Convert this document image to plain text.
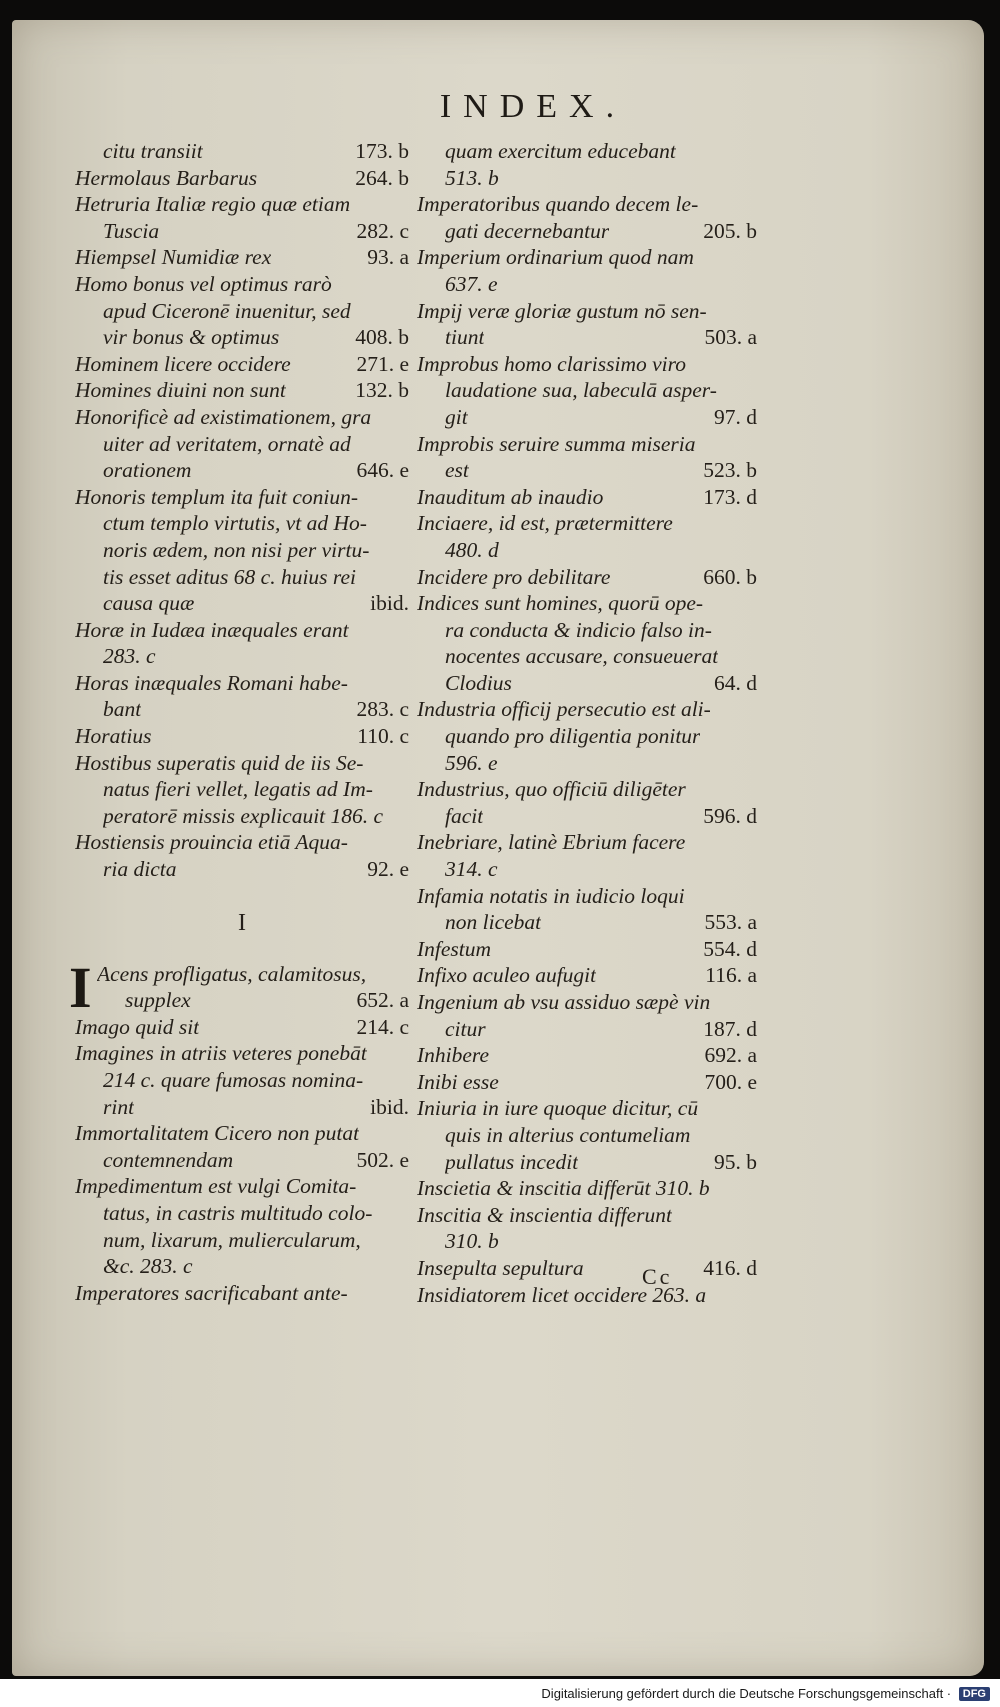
INDEX.
citu transiit	173. b
Hermolaus Barbarus	264. b
Hetruria Italiæ regio quæ etiam
Tuscia	282. c
Hiempsel Numidiæ rex	93. a
Homo bonus vel optimus rarò
apud Ciceronē inuenitur, sed
vir bonus & optimus	408. b
Hominem licere occidere	271. e
Homines diuini non sunt	132. b
Honorificè ad existimationem, gra
uiter ad veritatem, ornatè ad
orationem	646. e
Honoris templum ita fuit coniun-
ctum templo virtutis, vt ad Ho-
noris ædem, non nisi per virtu-
tis esset aditus 68 c. huius rei
causa quæ	ibid.
Horæ in Iudæa inæquales erant
283. c
Horas inæquales Romani habe-
bant	283. c
Horatius	110. c
Hostibus superatis quid de iis Se-
natus fieri vellet, legatis ad Im-
peratorē missis explicauit 186. c
Hostiensis prouincia etiā Aqua-
ria dicta	92. e
I
I Acens profligatus, calamitosus,
supplex	652. a
Imago quid sit	214. c
Imagines in atriis veteres ponebāt
214 c. quare fumosas nomina-
rint	ibid.
Immortalitatem Cicero non putat
contemnendam	502. e
Impedimentum est vulgi Comita-
tatus, in castris multitudo colo-
num, lixarum, muliercularum,
&c. 283. c
Imperatores sacrificabant ante-
quam exercitum educebant
513. b
Imperatoribus quando decem le-
gati decernebantur	205. b
Imperium ordinarium quod nam
637. e
Impij veræ gloriæ gustum nō sen-
tiunt	503. a
Improbus homo clarissimo viro
laudatione sua, labeculā asper-
git	97. d
Improbis seruire summa miseria
est	523. b
Inauditum ab inaudio	173. d
Inciaere, id est, prætermittere
480. d
Incidere pro debilitare	660. b
Indices sunt homines, quorū ope-
ra conducta & indicio falso in-
nocentes accusare, consueuerat
Clodius	64. d
Industria officij persecutio est ali-
quando pro diligentia ponitur
596. e
Industrius, quo officiū diligēter
facit	596. d
Inebriare, latinè Ebrium facere
314. c
Infamia notatis in iudicio loqui
non licebat	553. a
Infestum	554. d
Infixo aculeo aufugit	116. a
Ingenium ab vsu assiduo sæpè vin
citur	187. d
Inhibere	692. a
Inibi esse	700. e
Iniuria in iure quoque dicitur, cū
quis in alterius contumeliam
pullatus incedit	95. b
Inscietia & inscitia differūt 310. b
Inscitia & inscientia differunt
310. b
Insepulta sepultura	416. d
Insidiatorem licet occidere 263. a
Cc
Digitalisierung gefördert durch die Deutsche Forschungsgemeinschaft · DFG
